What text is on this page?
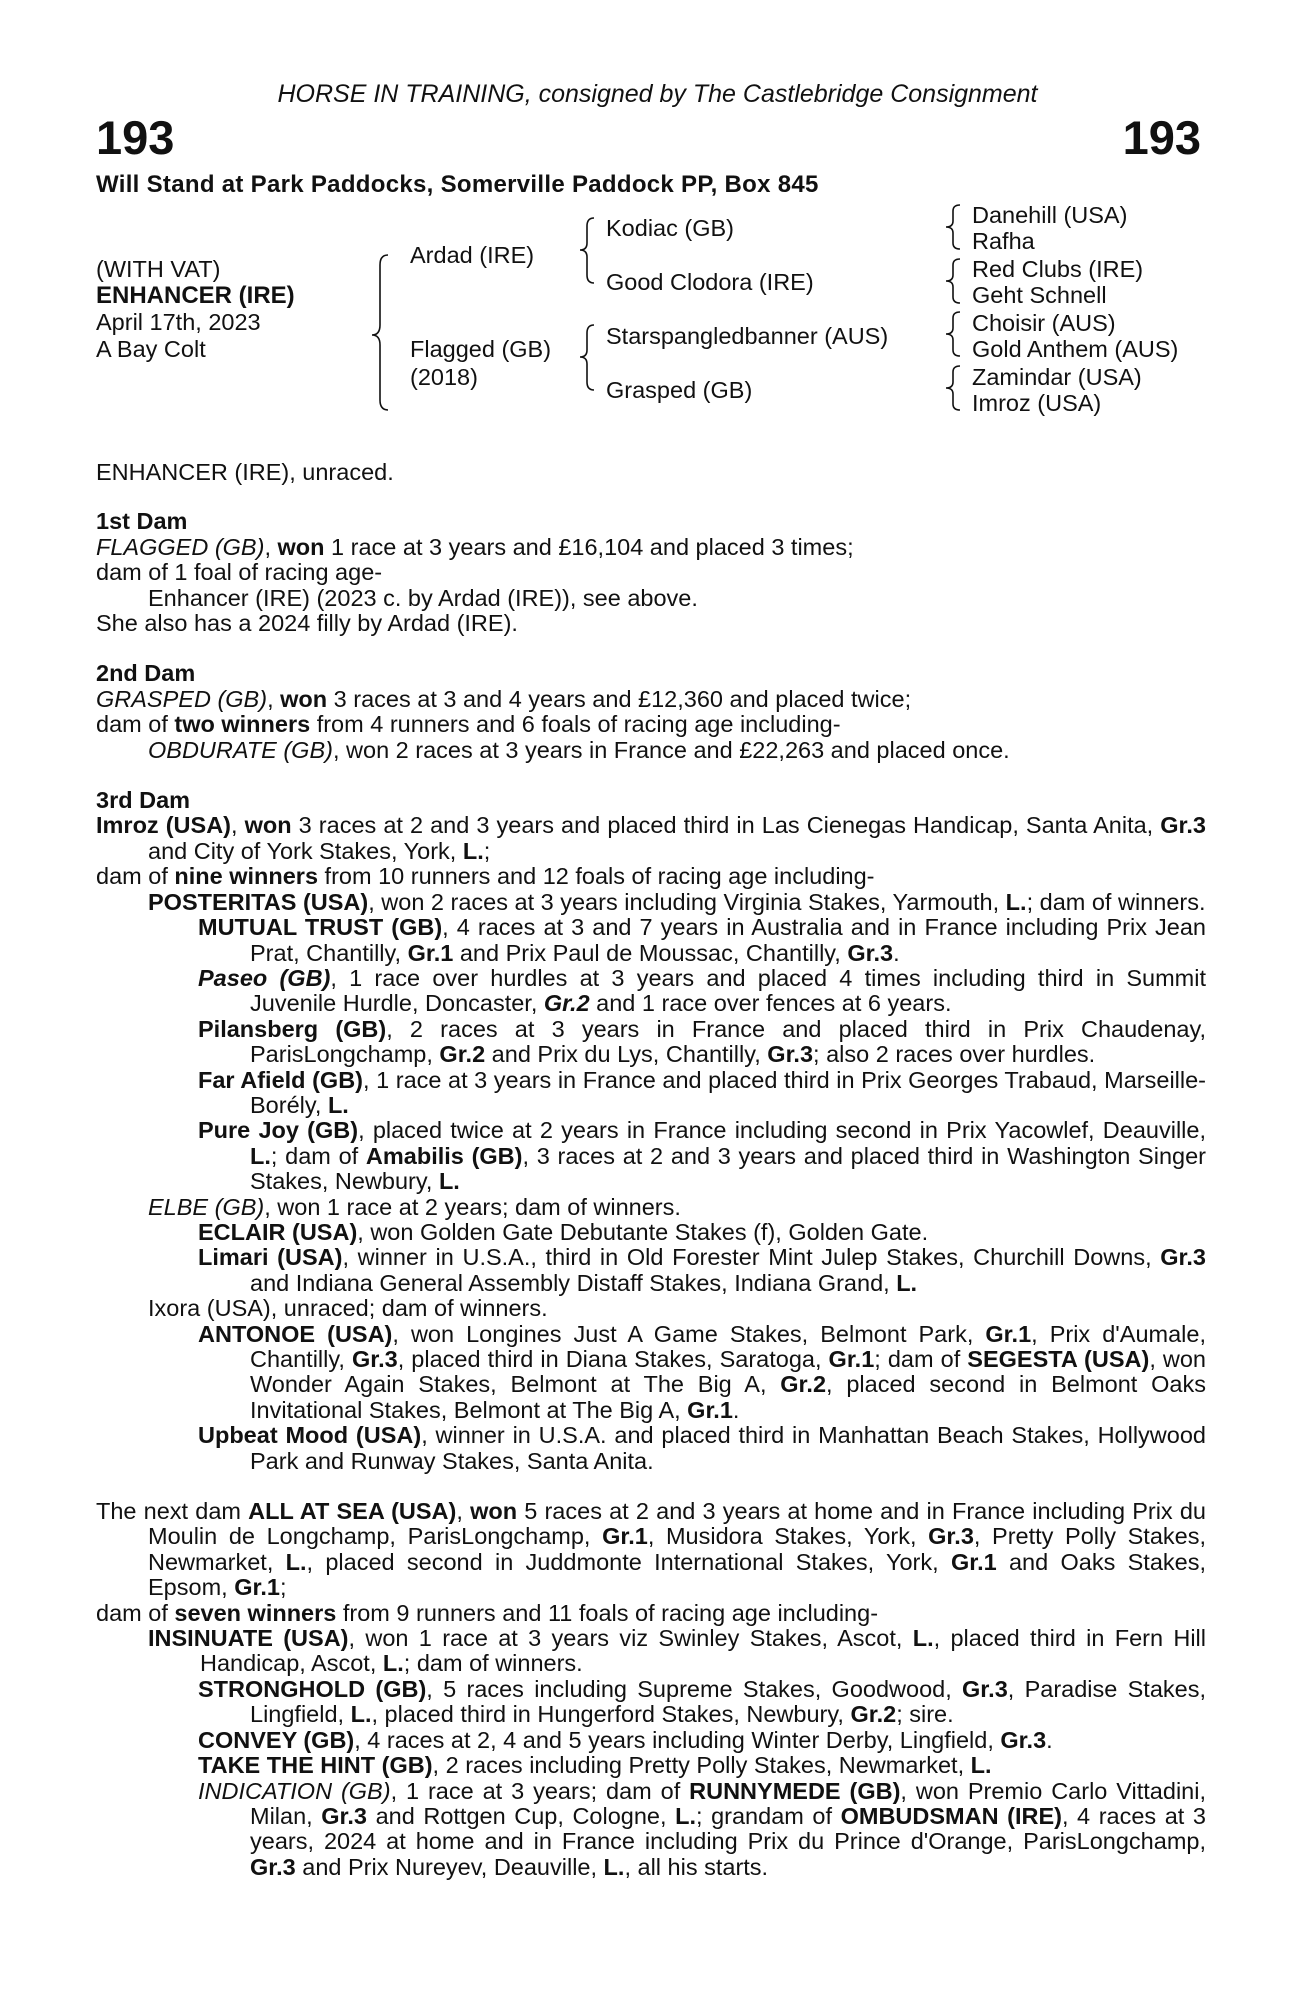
HORSE IN TRAINING, consigned by The Castlebridge Consignment
193	193
Will Stand at Park Paddocks, Somerville Paddock PP, Box 845
(WITH VAT)
ENHANCER (IRE)
April 17th, 2023
A Bay Colt
Ardad (IRE)
Flagged (GB)
(2018)
Kodiac (GB)
Good Clodora (IRE)
Starspangledbanner (AUS)
Grasped (GB)
Danehill (USA)
Rafha
Red Clubs (IRE)
Geht Schnell
Choisir (AUS)
Gold Anthem (AUS)
Zamindar (USA)
Imroz (USA)

ENHANCER (IRE), unraced.

1st Dam

FLAGGED (GB), won 1 race at 3 years and £16,104 and placed 3 times;

dam of 1 foal of racing age-

Enhancer (IRE) (2023 c. by Ardad (IRE)), see above.

She also has a 2024 filly by Ardad (IRE).

2nd Dam

GRASPED (GB), won 3 races at 3 and 4 years and £12,360 and placed twice;

dam of two winners from 4 runners and 6 foals of racing age including-

OBDURATE (GB), won 2 races at 3 years in France and £22,263 and placed once.

3rd Dam

Imroz (USA), won 3 races at 2 and 3 years and placed third in Las Cienegas Handicap, Santa Anita, Gr.3 and City of York Stakes, York, L.;

dam of nine winners from 10 runners and 12 foals of racing age including-

POSTERITAS (USA), won 2 races at 3 years including Virginia Stakes, Yarmouth, L.; dam of winners.

MUTUAL TRUST (GB), 4 races at 3 and 7 years in Australia and in France including Prix Jean Prat, Chantilly, Gr.1 and Prix Paul de Moussac, Chantilly, Gr.3.

Paseo (GB), 1 race over hurdles at 3 years and placed 4 times including third in Summit Juvenile Hurdle, Doncaster, Gr.2 and 1 race over fences at 6 years.

Pilansberg (GB), 2 races at 3 years in France and placed third in Prix Chaudenay, ParisLongchamp, Gr.2 and Prix du Lys, Chantilly, Gr.3; also 2 races over hurdles.

Far Afield (GB), 1 race at 3 years in France and placed third in Prix Georges Trabaud, Marseille-Borély, L.

Pure Joy (GB), placed twice at 2 years in France including second in Prix Yacowlef, Deauville, L.; dam of Amabilis (GB), 3 races at 2 and 3 years and placed third in Washington Singer Stakes, Newbury, L.

ELBE (GB), won 1 race at 2 years; dam of winners.

ECLAIR (USA), won Golden Gate Debutante Stakes (f), Golden Gate.

Limari (USA), winner in U.S.A., third in Old Forester Mint Julep Stakes, Churchill Downs, Gr.3 and Indiana General Assembly Distaff Stakes, Indiana Grand, L.

Ixora (USA), unraced; dam of winners.

ANTONOE (USA), won Longines Just A Game Stakes, Belmont Park, Gr.1, Prix d'Aumale, Chantilly, Gr.3, placed third in Diana Stakes, Saratoga, Gr.1; dam of SEGESTA (USA), won Wonder Again Stakes, Belmont at The Big A, Gr.2, placed second in Belmont Oaks Invitational Stakes, Belmont at The Big A, Gr.1.

Upbeat Mood (USA), winner in U.S.A. and placed third in Manhattan Beach Stakes, Hollywood Park and Runway Stakes, Santa Anita.

The next dam ALL AT SEA (USA), won 5 races at 2 and 3 years at home and in France including Prix du Moulin de Longchamp, ParisLongchamp, Gr.1, Musidora Stakes, York, Gr.3, Pretty Polly Stakes, Newmarket, L., placed second in Juddmonte International Stakes, York, Gr.1 and Oaks Stakes, Epsom, Gr.1;

dam of seven winners from 9 runners and 11 foals of racing age including-

INSINUATE (USA), won 1 race at 3 years viz Swinley Stakes, Ascot, L., placed third in Fern Hill Handicap, Ascot, L.; dam of winners.

STRONGHOLD (GB), 5 races including Supreme Stakes, Goodwood, Gr.3, Paradise Stakes, Lingfield, L., placed third in Hungerford Stakes, Newbury, Gr.2; sire.

CONVEY (GB), 4 races at 2, 4 and 5 years including Winter Derby, Lingfield, Gr.3.

TAKE THE HINT (GB), 2 races including Pretty Polly Stakes, Newmarket, L.

INDICATION (GB), 1 race at 3 years; dam of RUNNYMEDE (GB), won Premio Carlo Vittadini, Milan, Gr.3 and Rottgen Cup, Cologne, L.; grandam of OMBUDSMAN (IRE), 4 races at 3 years, 2024 at home and in France including Prix du Prince d'Orange, ParisLongchamp, Gr.3 and Prix Nureyev, Deauville, L., all his starts.
